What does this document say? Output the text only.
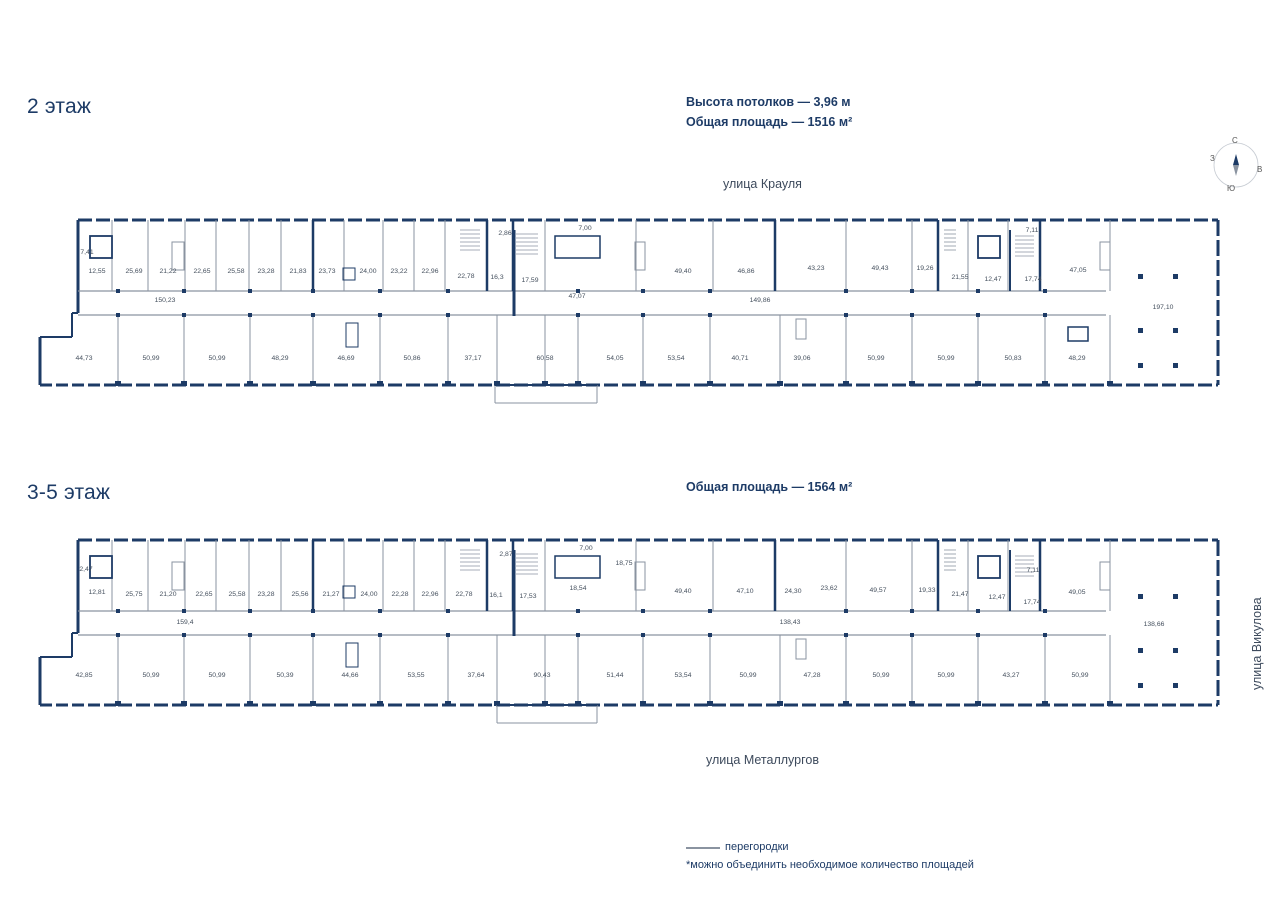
2 этаж	Высота потолков — 3,96 м
Общая площадь — 1516 м²
3-5 этаж	Общая площадь — 1564 м²
улица Крауля
улица Металлургов
улица Викулова
С
З
В
Ю
7,41
12,55	25,69 21,22 22,65 25,58 23,28 21,83 23,73	24,00 23,22 22,96
22,78 16,3
2,86
17,59
7,00
47,07
49,40	46,86	43,23	49,43	19,26
21,55 12,47
7,11
17,74
47,05
197,10
150,23	149,86
44,73	50,99	50,99	48,29	46,69	50,86	37,17	60,58	54,05	53,54	40,71	39,06	50,99	50,99	50,83	48,29
2,47
12,81	25,75 21,20	22,65 25,58 23,28 25,56 21,27	24,00 22,28 22,96 22,78 16,1
2,87
17,53
7,00
18,75
18,54	49,40	47,10	24,30	23,62	49,57	19,33
21,47	12,47
7,11
17,74
49,05
138,66
159,4	138,43
42,85	50,99	50,99	50,39	44,66	53,55	37,64	90,43	51,44	53,54	50,99	47,28	50,99	50,99	43,27	50,99
перегородки
*можно объединить необходимое количество площадей
